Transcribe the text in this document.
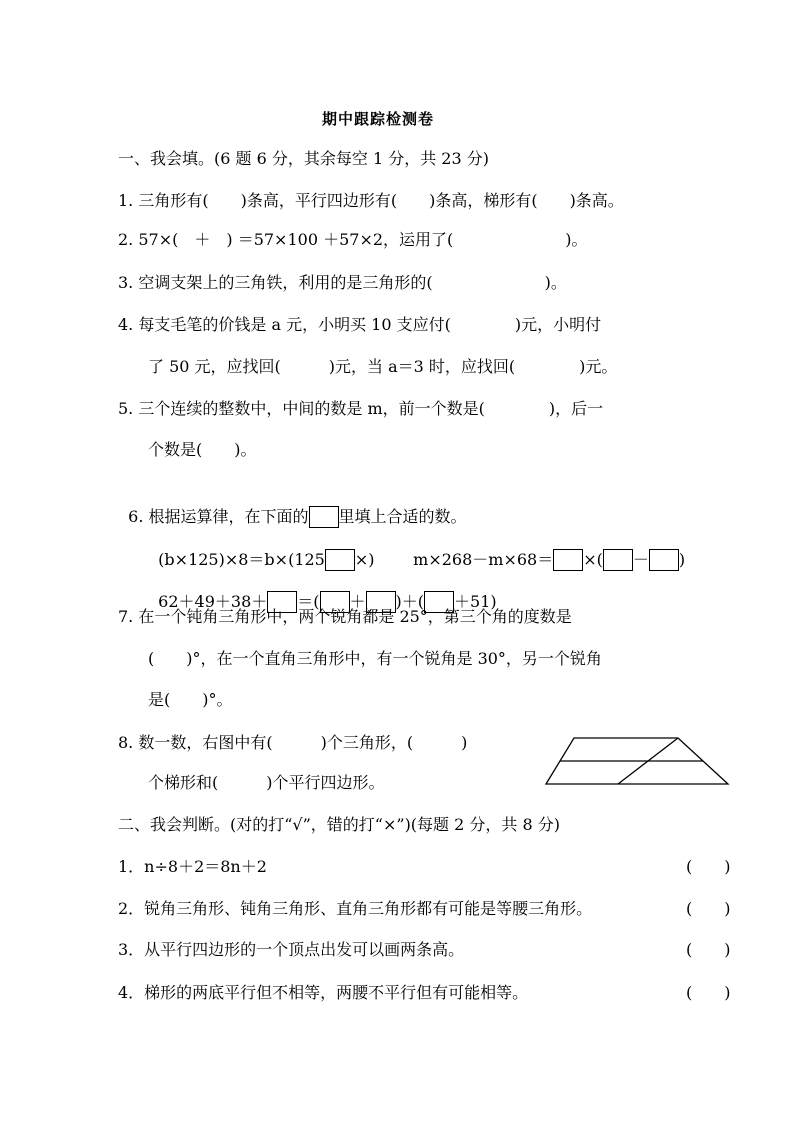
期中跟踪检测卷
一、我会填。(6 题 6 分，其余每空 1 分，共 23 分)
1. 三角形有(　　)条高，平行四边形有(　　)条高，梯形有(　　)条高。
2. 57×(　＋　) ＝57×100 ＋57×2，运用了(　　　　　　　)。
3. 空调支架上的三角铁，利用的是三角形的(　　　　　　　)。
4. 每支毛笔的价钱是 a 元，小明买 10 支应付(　　　　)元，小明付
了 50 元，应找回(　　　)元，当 a＝3 时，应找回(　　　　)元。
5. 三个连续的整数中，中间的数是 m，前一个数是(　　　　)，后一
个数是(　　)。

6. 根据运算律，在下面的 里填上合适的数。

(b×125)×8＝b×(125 ×)	m×268－m×68＝ ×( － )

62＋49＋38＋ ＝( ＋ )＋( ＋51)

7. 在一个钝角三角形中，两个锐角都是 25°，第三个角的度数是
(　　)°，在一个直角三角形中，有一个锐角是 30°，另一个锐角
是(　　)°。
8. 数一数，右图中有(　　　)个三角形，(　　　)
个梯形和(　　　)个平行四边形。
二、我会判断。(对的打“√”，错的打“×”)(每题 2 分，共 8 分)
1．n÷8＋2＝8n＋2
2．锐角三角形、钝角三角形、直角三角形都有可能是等腰三角形。
3．从平行四边形的一个顶点出发可以画两条高。
4．梯形的两底平行但不相等，两腰不平行但有可能相等。
(　　)
(　　)
(　　)
(　　)
